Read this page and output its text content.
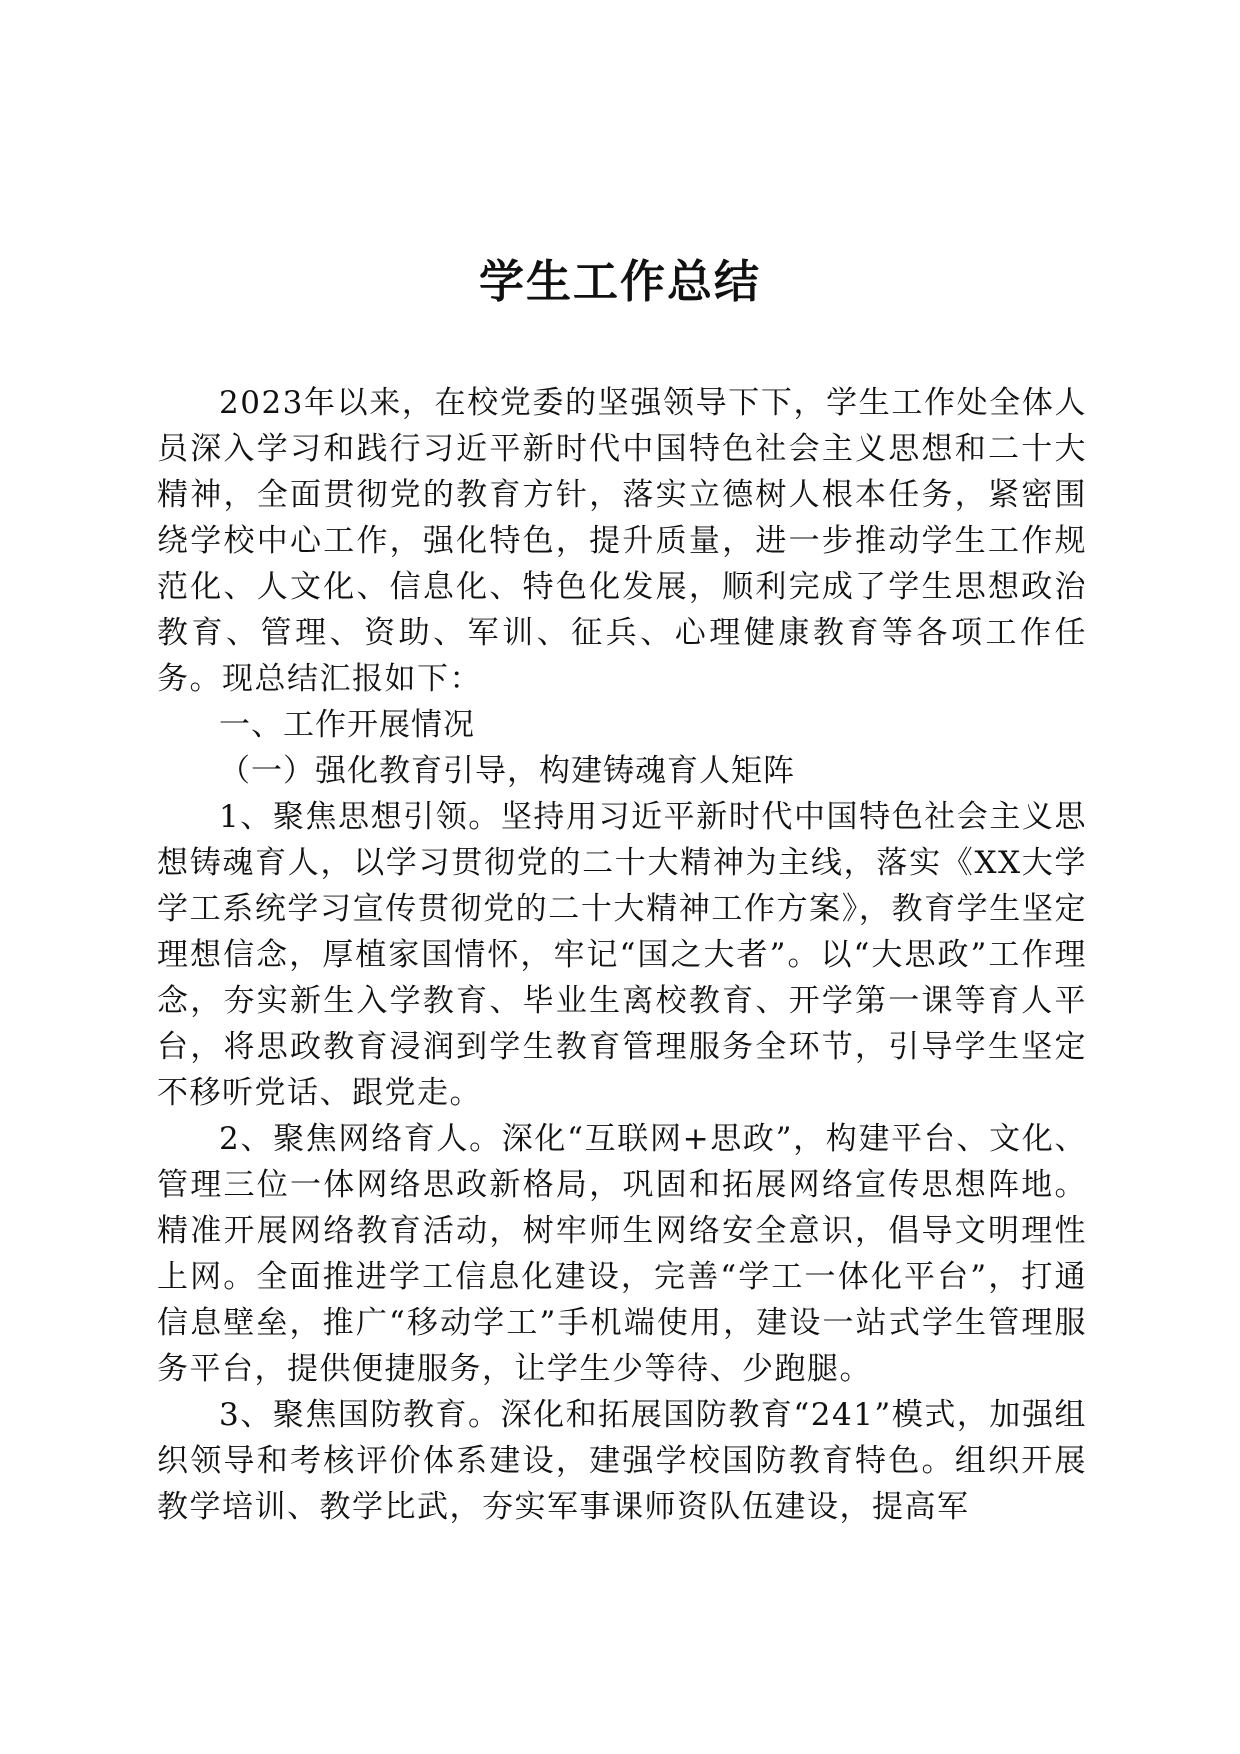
学生工作总结

2023年以来，在校党委的坚强领导下下，学生工作处全体人员深入学习和践行习近平新时代中国特色社会主义思想和二十大精神，全面贯彻党的教育方针，落实立德树人根本任务，紧密围绕学校中心工作，强化特色，提升质量，进一步推动学生工作规范化、人文化、信息化、特色化发展，顺利完成了学生思想政治教育、管理、资助、军训、征兵、心理健康教育等各项工作任务。现总结汇报如下：

一、工作开展情况

（一）强化教育引导，构建铸魂育人矩阵

1、聚焦思想引领。坚持用习近平新时代中国特色社会主义思想铸魂育人，以学习贯彻党的二十大精神为主线，落实《XX大学学工系统学习宣传贯彻党的二十大精神工作方案》，教育学生坚定理想信念，厚植家国情怀，牢记“国之大者”。以“大思政”工作理念，夯实新生入学教育、毕业生离校教育、开学第一课等育人平台，将思政教育浸润到学生教育管理服务全环节，引导学生坚定不移听党话、跟党走。

2、聚焦网络育人。深化“互联网+思政”，构建平台、文化、管理三位一体网络思政新格局，巩固和拓展网络宣传思想阵地。精准开展网络教育活动，树牢师生网络安全意识，倡导文明理性上网。全面推进学工信息化建设，完善“学工一体化平台”，打通信息壁垒，推广“移动学工”手机端使用，建设一站式学生管理服务平台，提供便捷服务，让学生少等待、少跑腿。

3、聚焦国防教育。深化和拓展国防教育“241”模式，加强组织领导和考核评价体系建设，建强学校国防教育特色。组织开展教学培训、教学比武，夯实军事课师资队伍建设，提高军
